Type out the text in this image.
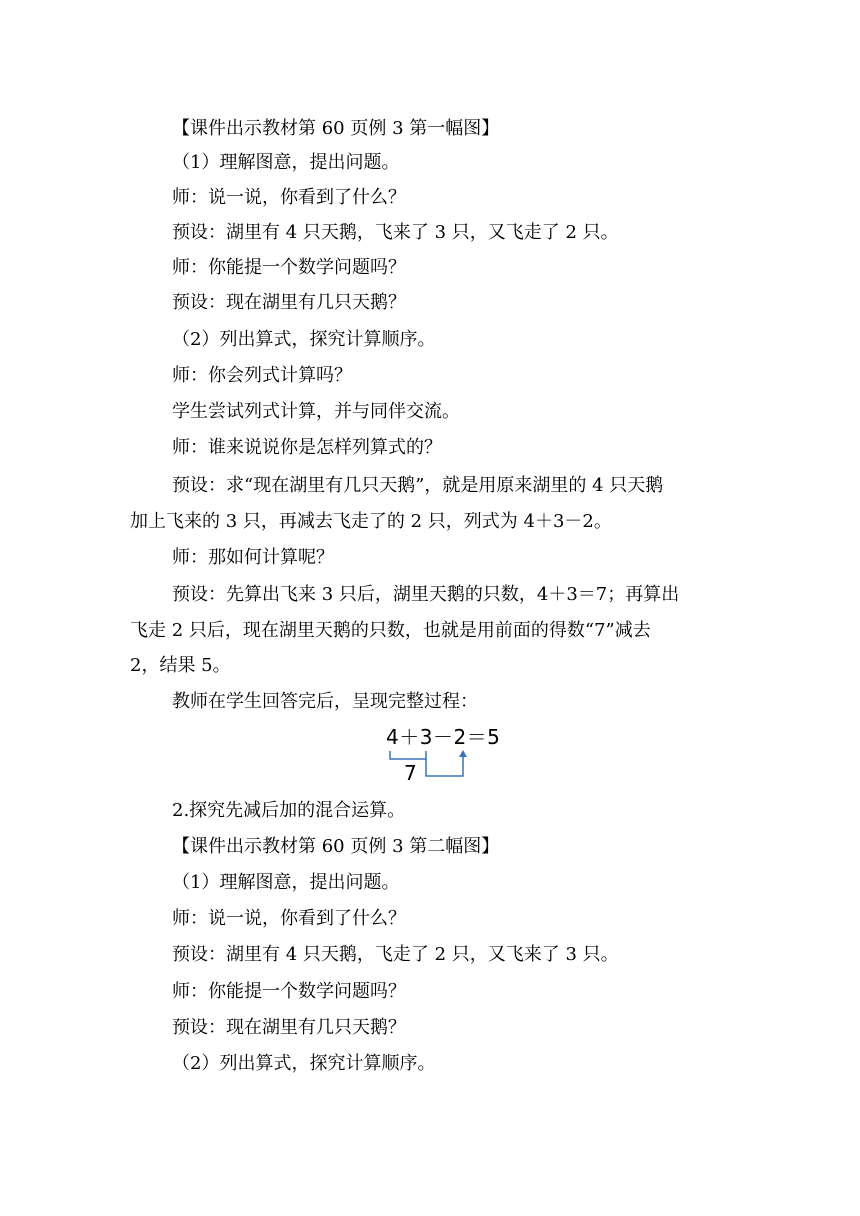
【课件出示教材第 60 页例 3 第一幅图】
（1）理解图意，提出问题。
师：说一说，你看到了什么？
预设：湖里有 4 只天鹅，飞来了 3 只，又飞走了 2 只。
师：你能提一个数学问题吗？
预设：现在湖里有几只天鹅？
（2）列出算式，探究计算顺序。
师：你会列式计算吗？
学生尝试列式计算，并与同伴交流。
师：谁来说说你是怎样列算式的？
预设：求“现在湖里有几只天鹅”，就是用原来湖里的 4 只天鹅
加上飞来的 3 只，再减去飞走了的 2 只，列式为 4＋3－2。
师：那如何计算呢？
预设：先算出飞来 3 只后，湖里天鹅的只数，4＋3＝7；再算出
飞走 2 只后，现在湖里天鹅的只数，也就是用前面的得数“7”减去
2，结果 5。
教师在学生回答完后，呈现完整过程：
4＋3－2＝5
7
2.探究先减后加的混合运算。
【课件出示教材第 60 页例 3 第二幅图】
（1）理解图意，提出问题。
师：说一说，你看到了什么？
预设：湖里有 4 只天鹅，飞走了 2 只，又飞来了 3 只。
师：你能提一个数学问题吗？
预设：现在湖里有几只天鹅？
（2）列出算式，探究计算顺序。
